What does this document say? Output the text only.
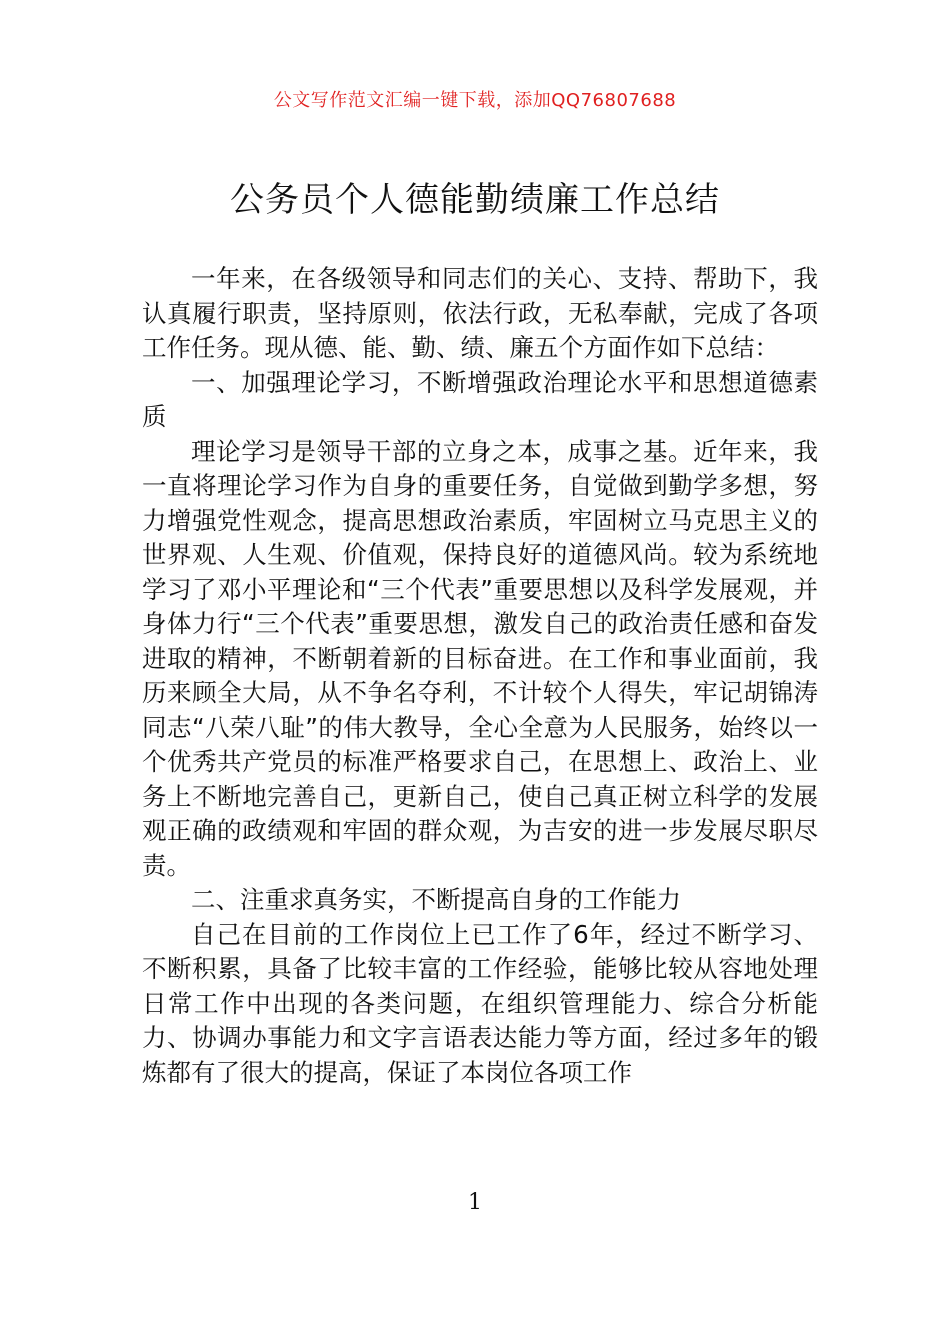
公文写作范文汇编一键下载，添加QQ76807688
公务员个人德能勤绩廉工作总结

一年来，在各级领导和同志们的关心、支持、帮助下，我认真履行职责，坚持原则，依法行政，无私奉献，完成了各项工作任务。现从德、能、勤、绩、廉五个方面作如下总结：

一、加强理论学习，不断增强政治理论水平和思想道德素质

理论学习是领导干部的立身之本，成事之基。近年来，我一直将理论学习作为自身的重要任务，自觉做到勤学多想，努力增强党性观念，提高思想政治素质，牢固树立马克思主义的世界观、人生观、价值观，保持良好的道德风尚。较为系统地学习了邓小平理论和“三个代表”重要思想以及科学发展观，并身体力行“三个代表”重要思想，激发自己的政治责任感和奋发进取的精神，不断朝着新的目标奋进。在工作和事业面前，我历来顾全大局，从不争名夺利，不计较个人得失，牢记胡锦涛同志“八荣八耻”的伟大教导，全心全意为人民服务，始终以一个优秀共产党员的标准严格要求自己，在思想上、政治上、业务上不断地完善自己，更新自己，使自己真正树立科学的发展观正确的政绩观和牢固的群众观，为吉安的进一步发展尽职尽责。

二、注重求真务实，不断提高自身的工作能力

自己在目前的工作岗位上已工作了6年，经过不断学习、不断积累，具备了比较丰富的工作经验，能够比较从容地处理日常工作中出现的各类问题，在组织管理能力、综合分析能力、协调办事能力和文字言语表达能力等方面，经过多年的锻炼都有了很大的提高，保证了本岗位各项工作

1
